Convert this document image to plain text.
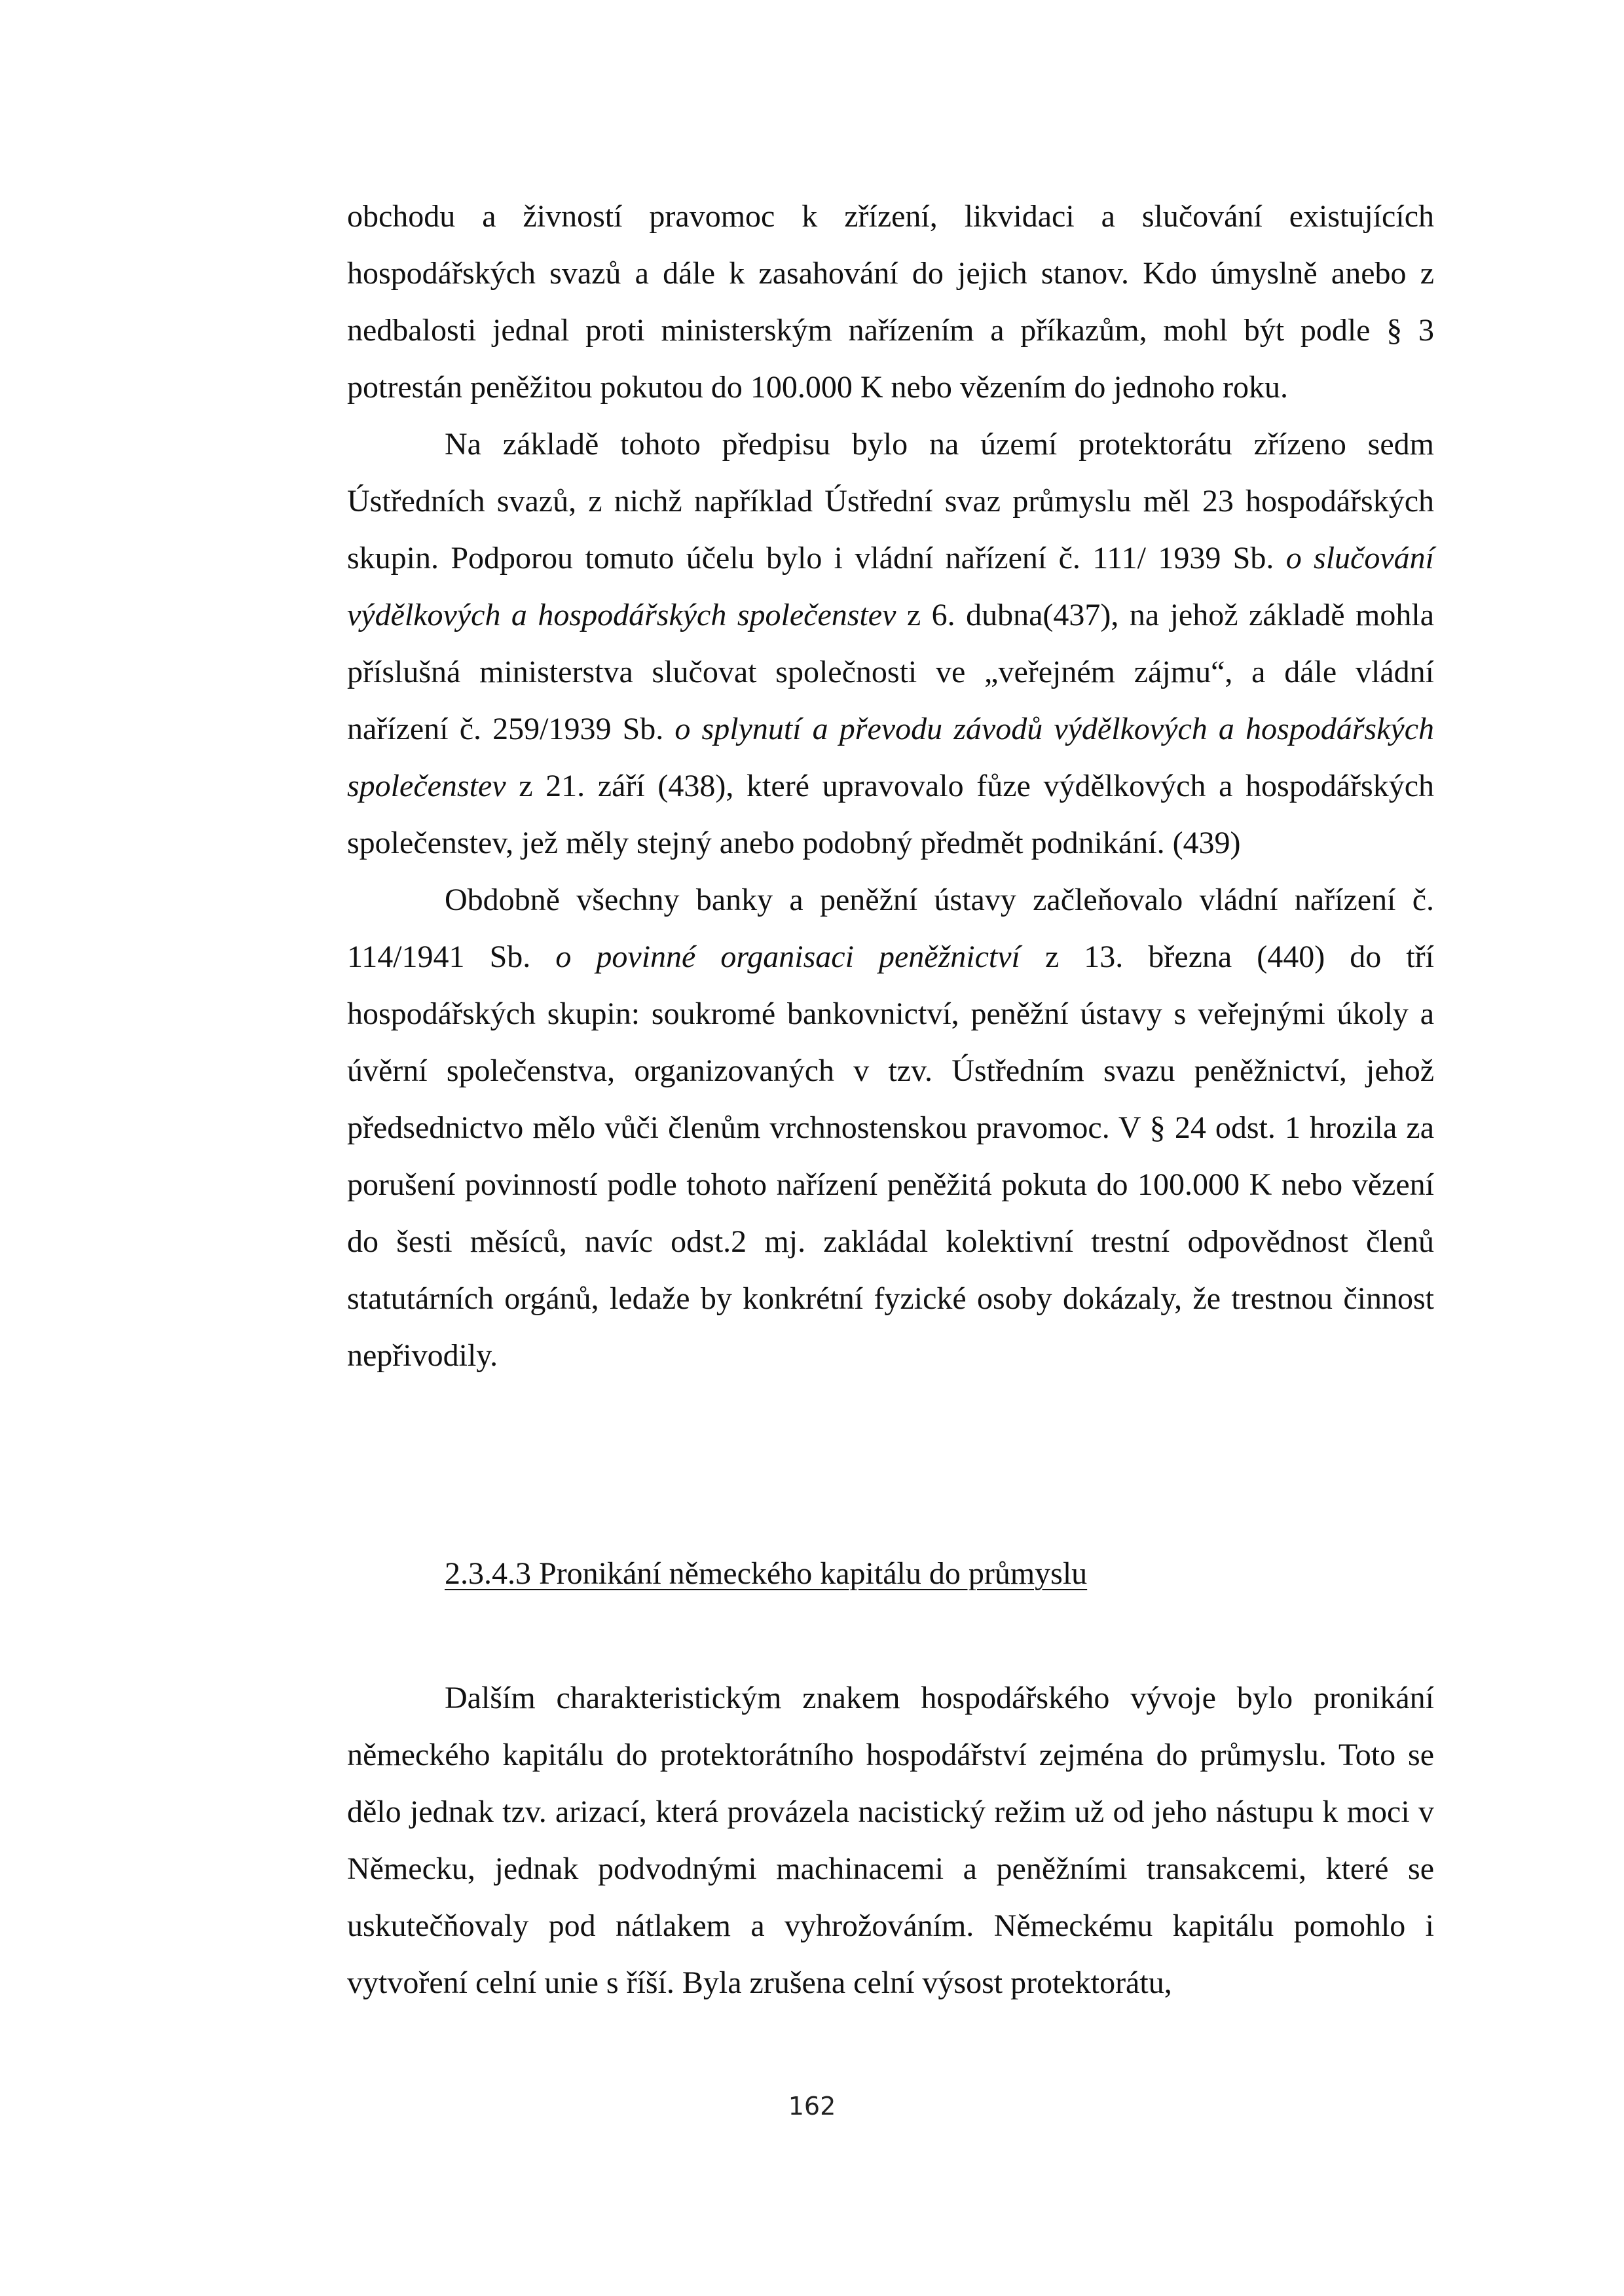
obchodu a živností pravomoc k zřízení, likvidaci a slučování existujících hospodářských svazů a dále k zasahování do jejich stanov. Kdo úmyslně anebo z nedbalosti jednal proti ministerským nařízením a příkazům, mohl být podle § 3 potrestán peněžitou pokutou do 100.000 K nebo vězením do jednoho roku.

Na základě tohoto předpisu bylo na území protektorátu zřízeno sedm Ústředních svazů, z nichž například Ústřední svaz průmyslu měl 23 hospodářských skupin. Podporou tomuto účelu bylo i vládní nařízení č. 111/ 1939 Sb. o slučování výdělkových a hospodářských společenstev z 6. dubna(437), na jehož základě mohla příslušná ministerstva slučovat společnosti ve „veřejném zájmu“, a dále vládní nařízení č. 259/1939 Sb. o splynutí a převodu závodů výdělkových a hospodářských společenstev z 21. září (438), které upravovalo fůze výdělkových a hospodářských společenstev, jež měly stejný anebo podobný předmět podnikání. (439)

Obdobně všechny banky a peněžní ústavy začleňovalo vládní nařízení č. 114/1941 Sb. o povinné organisaci peněžnictví z 13. března (440) do tří hospodářských skupin: soukromé bankovnictví, peněžní ústavy s veřejnými úkoly a úvěrní společenstva, organizovaných v tzv. Ústředním svazu peněžnictví, jehož předsednictvo mělo vůči členům vrchnostenskou pravomoc. V § 24 odst. 1 hrozila za porušení povinností podle tohoto nařízení peněžitá pokuta do 100.000 K nebo vězení do šesti měsíců, navíc odst.2 mj. zakládal kolektivní trestní odpovědnost členů statutárních orgánů, ledaže by konkrétní fyzické osoby dokázaly, že trestnou činnost nepřivodily.

2.3.4.3 Pronikání německého kapitálu do průmyslu

Dalším charakteristickým znakem hospodářského vývoje bylo pronikání německého kapitálu do protektorátního hospodářství zejména do průmyslu. Toto se dělo jednak tzv. arizací, která provázela nacistický režim už od jeho nástupu k moci v Německu, jednak podvodnými machinacemi a peněžními transakcemi, které se uskutečňovaly pod nátlakem a vyhrožováním. Německému kapitálu pomohlo i vytvoření celní unie s říší. Byla zrušena celní výsost protektorátu,

162
